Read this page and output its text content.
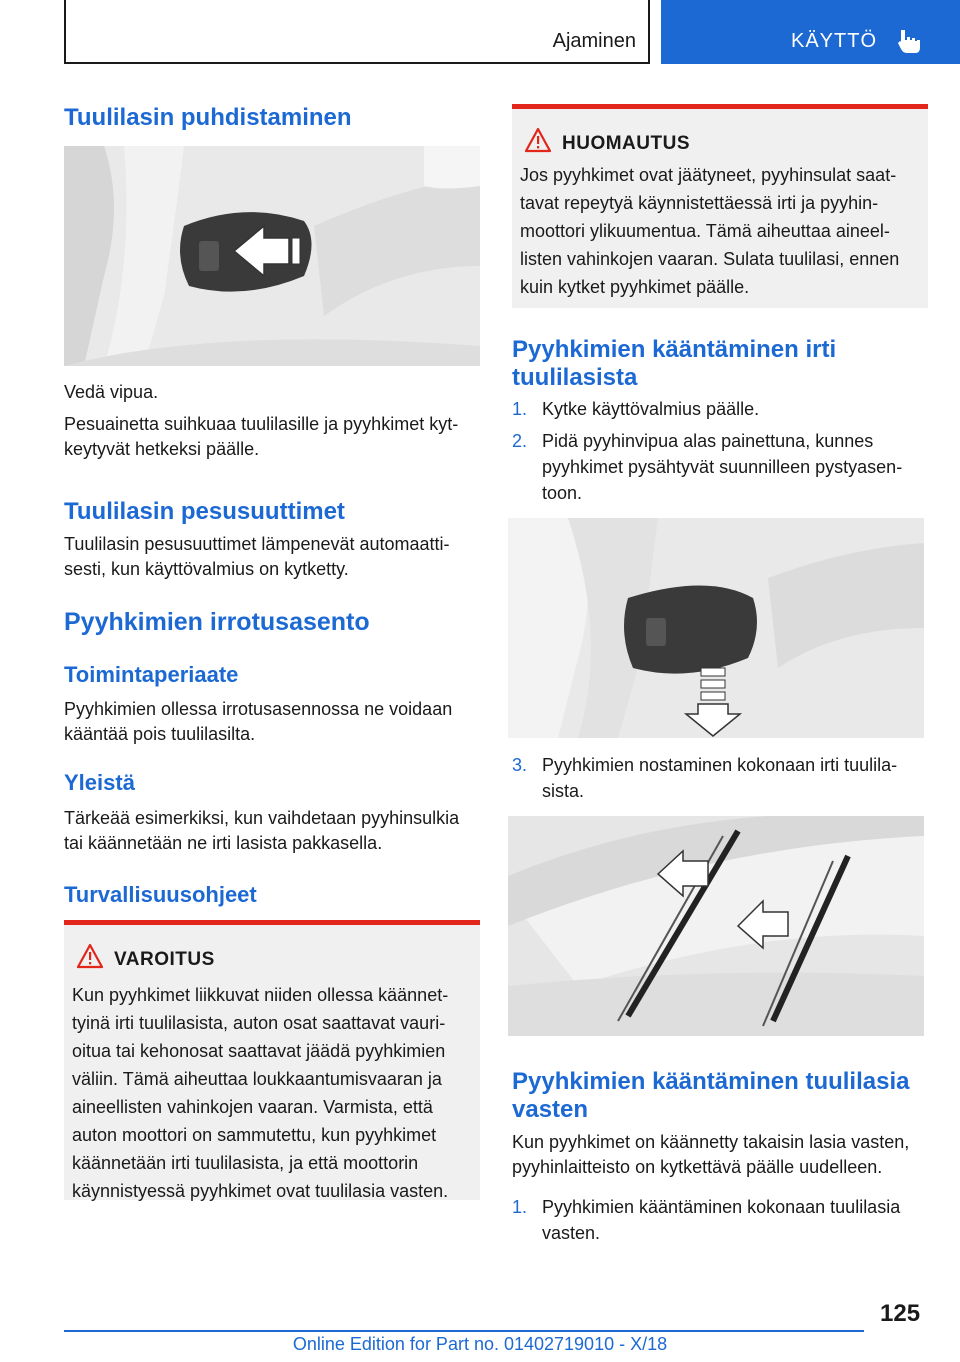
Ajaminen	KÄYTTÖ
Tuulilasin puhdistaminen
Vedä vipua.
Pesuainetta suihkuaa tuulilasille ja pyyhkimet kyt-keytyvät hetkeksi päälle.
Tuulilasin pesusuuttimet
Tuulilasin pesusuuttimet lämpenevät automaatti-sesti, kun käyttövalmius on kytketty.
Pyyhkimien irrotusasento
Toimintaperiaate
Pyyhkimien ollessa irrotusasennossa ne voidaan kääntää pois tuulilasilta.
Yleistä
Tärkeää esimerkiksi, kun vaihdetaan pyyhinsulkia tai käännetään ne irti lasista pakkasella.
Turvallisuusohjeet
VAROITUS
Kun pyyhkimet liikkuvat niiden ollessa käännet-tyinä irti tuulilasista, auton osat saattavat vauri-oitua tai kehonosat saattavat jäädä pyyhkimien väliin. Tämä aiheuttaa loukkaantumisvaaran ja aineellisten vahinkojen vaaran. Varmista, että auton moottori on sammutettu, kun pyyhkimet käännetään irti tuulilasista, ja että moottorin käynnistyessä pyyhkimet ovat tuulilasia vasten.
HUOMAUTUS
Jos pyyhkimet ovat jäätyneet, pyyhinsulat saat-tavat repeytyä käynnistettäessä irti ja pyyhin-moottori ylikuumentua. Tämä aiheuttaa aineel-listen vahinkojen vaaran. Sulata tuulilasi, ennen kuin kytket pyyhkimet päälle.
Pyyhkimien kääntäminen irti tuulilasista
1. Kytke käyttövalmius päälle.
2. Pidä pyyhinvipua alas painettuna, kunnes pyyhkimet pysähtyvät suunnilleen pystyasen-toon.
3. Pyyhkimien nostaminen kokonaan irti tuulila-sista.
Pyyhkimien kääntäminen tuulilasia vasten
Kun pyyhkimet on käännetty takaisin lasia vasten, pyyhinlaitteisto on kytkettävä päälle uudelleen.
1. Pyyhkimien kääntäminen kokonaan tuulilasia vasten.
125
Online Edition for Part no. 01402719010 - X/18
